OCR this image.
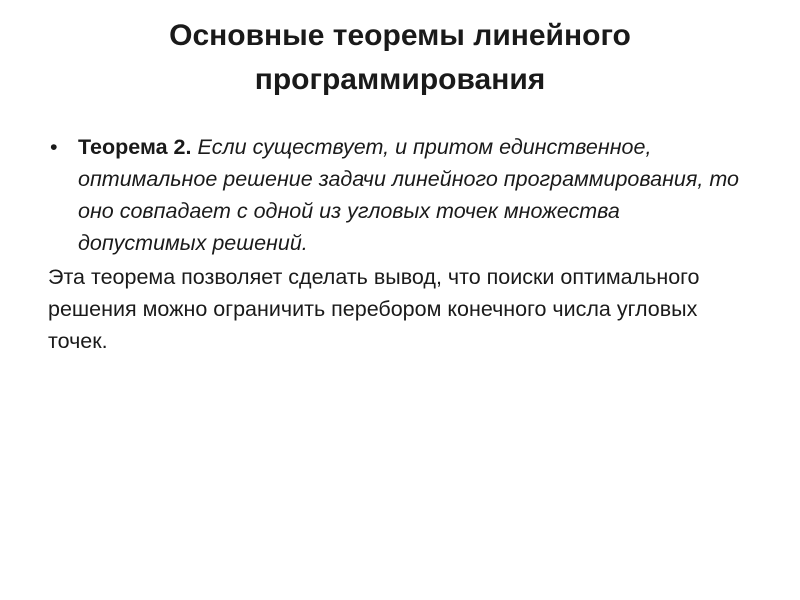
Основные теоремы линейного программирования

• Теорема 2. Если существует, и притом единственное, оптимальное решение задачи линейного программирования, то оно совпадает с одной из угловых точек множества допустимых решений.

Эта теорема позволяет сделать вывод, что поиски оптимального решения можно ограничить перебором конечного числа угловых точек.
